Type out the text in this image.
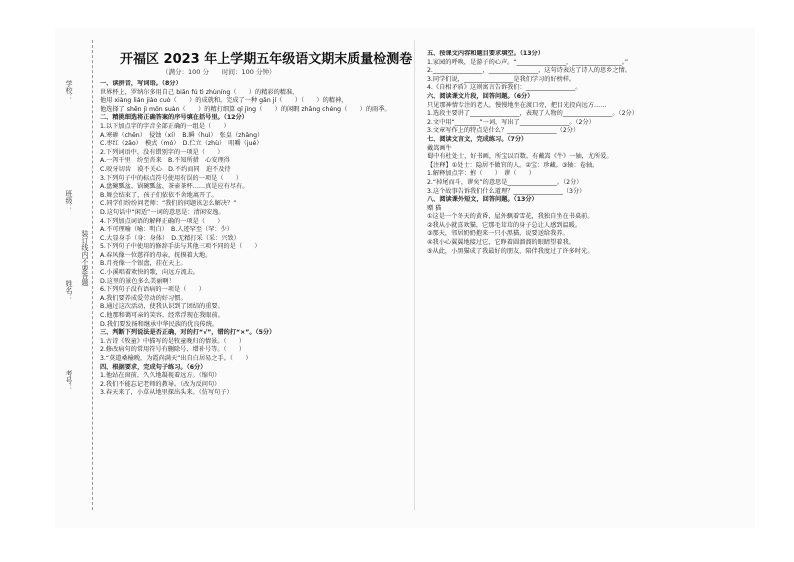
学校：
班级：
姓名：
考号：
装订线内不要答题
开福区 2023 年上学期五年级语文期末质量检测卷
（满分：100 分　　时间：100 分钟）
一、读拼音，写词语。（8分）
世界杯上，罗纳尔多用自己 biān fú tì zhùníng（　　）的精彩的精准，
他用 xiàng lián jiào cuò（　　）的成就和，完成了一种 gǎn jí（　　）（　　）的精神，
他选择了 shěn jì mōn suàn（　　）的精打细算 qī jìng（　　）的闲暇 zhāng chéng（　　）的雨季。
二、精挑细选将正确答案的序号填在括号里。（12分）
1.以下加点字的字音全部正确的一组是（　　）
A.寒碜（chēn）　侵蚀（xí）　B.瞬（huì）　张皇（zhāng）
C.枣红（zǎo）　模式（mó）　D.伫立（zhù）　咀嚼（jué）
2.下列词语中，没有错别字的一项是（　　）
A.一泻千里　纷至沓来　B.不知所措　心安理得
C.咬牙切齿　漠不关心　D.不约而同　迫不及待
3.下列句子中的标点符号使用有误的一项是（　　）
A.盘碗瓢盆、锅碗瓢盆、茶壶茶杯……真是应有尽有。
B.舞会结束了，孩子们依依不舍地离开了。
C.同学们纷纷问老师：“我们的问题该怎么解决？”
D.这句话中“闲适”一词的意思是：清闲安逸。
4.下列加点词语的解释正确的一项是（　　）
A.不可理喻（喻：明白）　B.人迹罕至（罕：少）
C.大显身手（身：身体）　D.无精打采（采：兴致）
5.下列句子中使用的修辞手法与其他三项不同的是（　　）
A.春风像一位慈祥的母亲，抚摸着大地。
B.月亮像一个银盘，挂在天上。
C.小溪唱着欢快的歌，向远方流去。
D.这里的景色多么美丽啊！
6.下列句子没有语病的一项是（　　）
A.我们要养成爱劳动的好习惯。
B.通过这次活动，使我认识到了团结的重要。
C.他那和蔼可亲的笑容，经常浮现在我眼前。
D.我们要发扬和继承中华民族的优良传统。
三、判断下列说法是否正确，对的打“√”，错的打“×”。（5分）
1.古诗《牧童》中描写的是牧童晚归的情景。（　　）
2.修改病句的常用符号有删除号、增补号等。（　　）
3.“莫道桑榆晚，为霞尚满天”出自白居易之手。（　　）
四、根据要求，完成句子练习。（6分）
1.他站在窗前，久久地凝视着远方。（缩句）
2.我们不能忘记老师的教导。（改为反问句）
3.春天来了，小草从地里探出头来。（仿写句子）
五、按课文内容和题目要求填空。（13分）
1.家园的呼唤，是游子的心声。“________________，________________。”
2.________________，________________，这句诗表达了诗人的思乡之情。
3.同学们说，________________是我们学习的好榜样。
4.《自相矛盾》这则寓言告诉我们：________________。
六、阅读课文片段，回答问题。（6分）
只见那神情专注的老人，慢慢地坐在渡口旁，把目光投向远方……
1.选段主要讲了________________，表现了人物的________________。（2分）
2.文中用“________”一词，写出了________________。（2分）
3.文章写作上的特点是什么？________________（2分）
七、阅读文言文，完成练习。（7分）
戴嵩画牛
蜀中有杜处士，好书画，所宝以百数。有戴嵩《牛》一轴，尤所爱。
【注释】①处士：隐居不做官的人。②宝：珍藏。③轴：卷轴。
1.解释加点字：拊（　　）　谬（　　）
2.“掉尾而斗，谬矣”的意思是________________。（2分）
3.这个故事告诉我们什么道理？________________（3分）
八、阅读课外短文，回答问题。（13分）
赠 猫
①这是一个冬天的黄昏，屋外飘着雪花，我独自坐在书桌前。
②我从小就喜欢猫，它那毛茸茸的身子总让人感到温暖。
③那天，邻居奶奶抱来一只小黑猫，说要送给我养。
④我小心翼翼地接过它，它睁着圆溜溜的眼睛望着我。
⑤从此，小黑猫成了我最好的朋友，陪伴我度过了许多时光。
